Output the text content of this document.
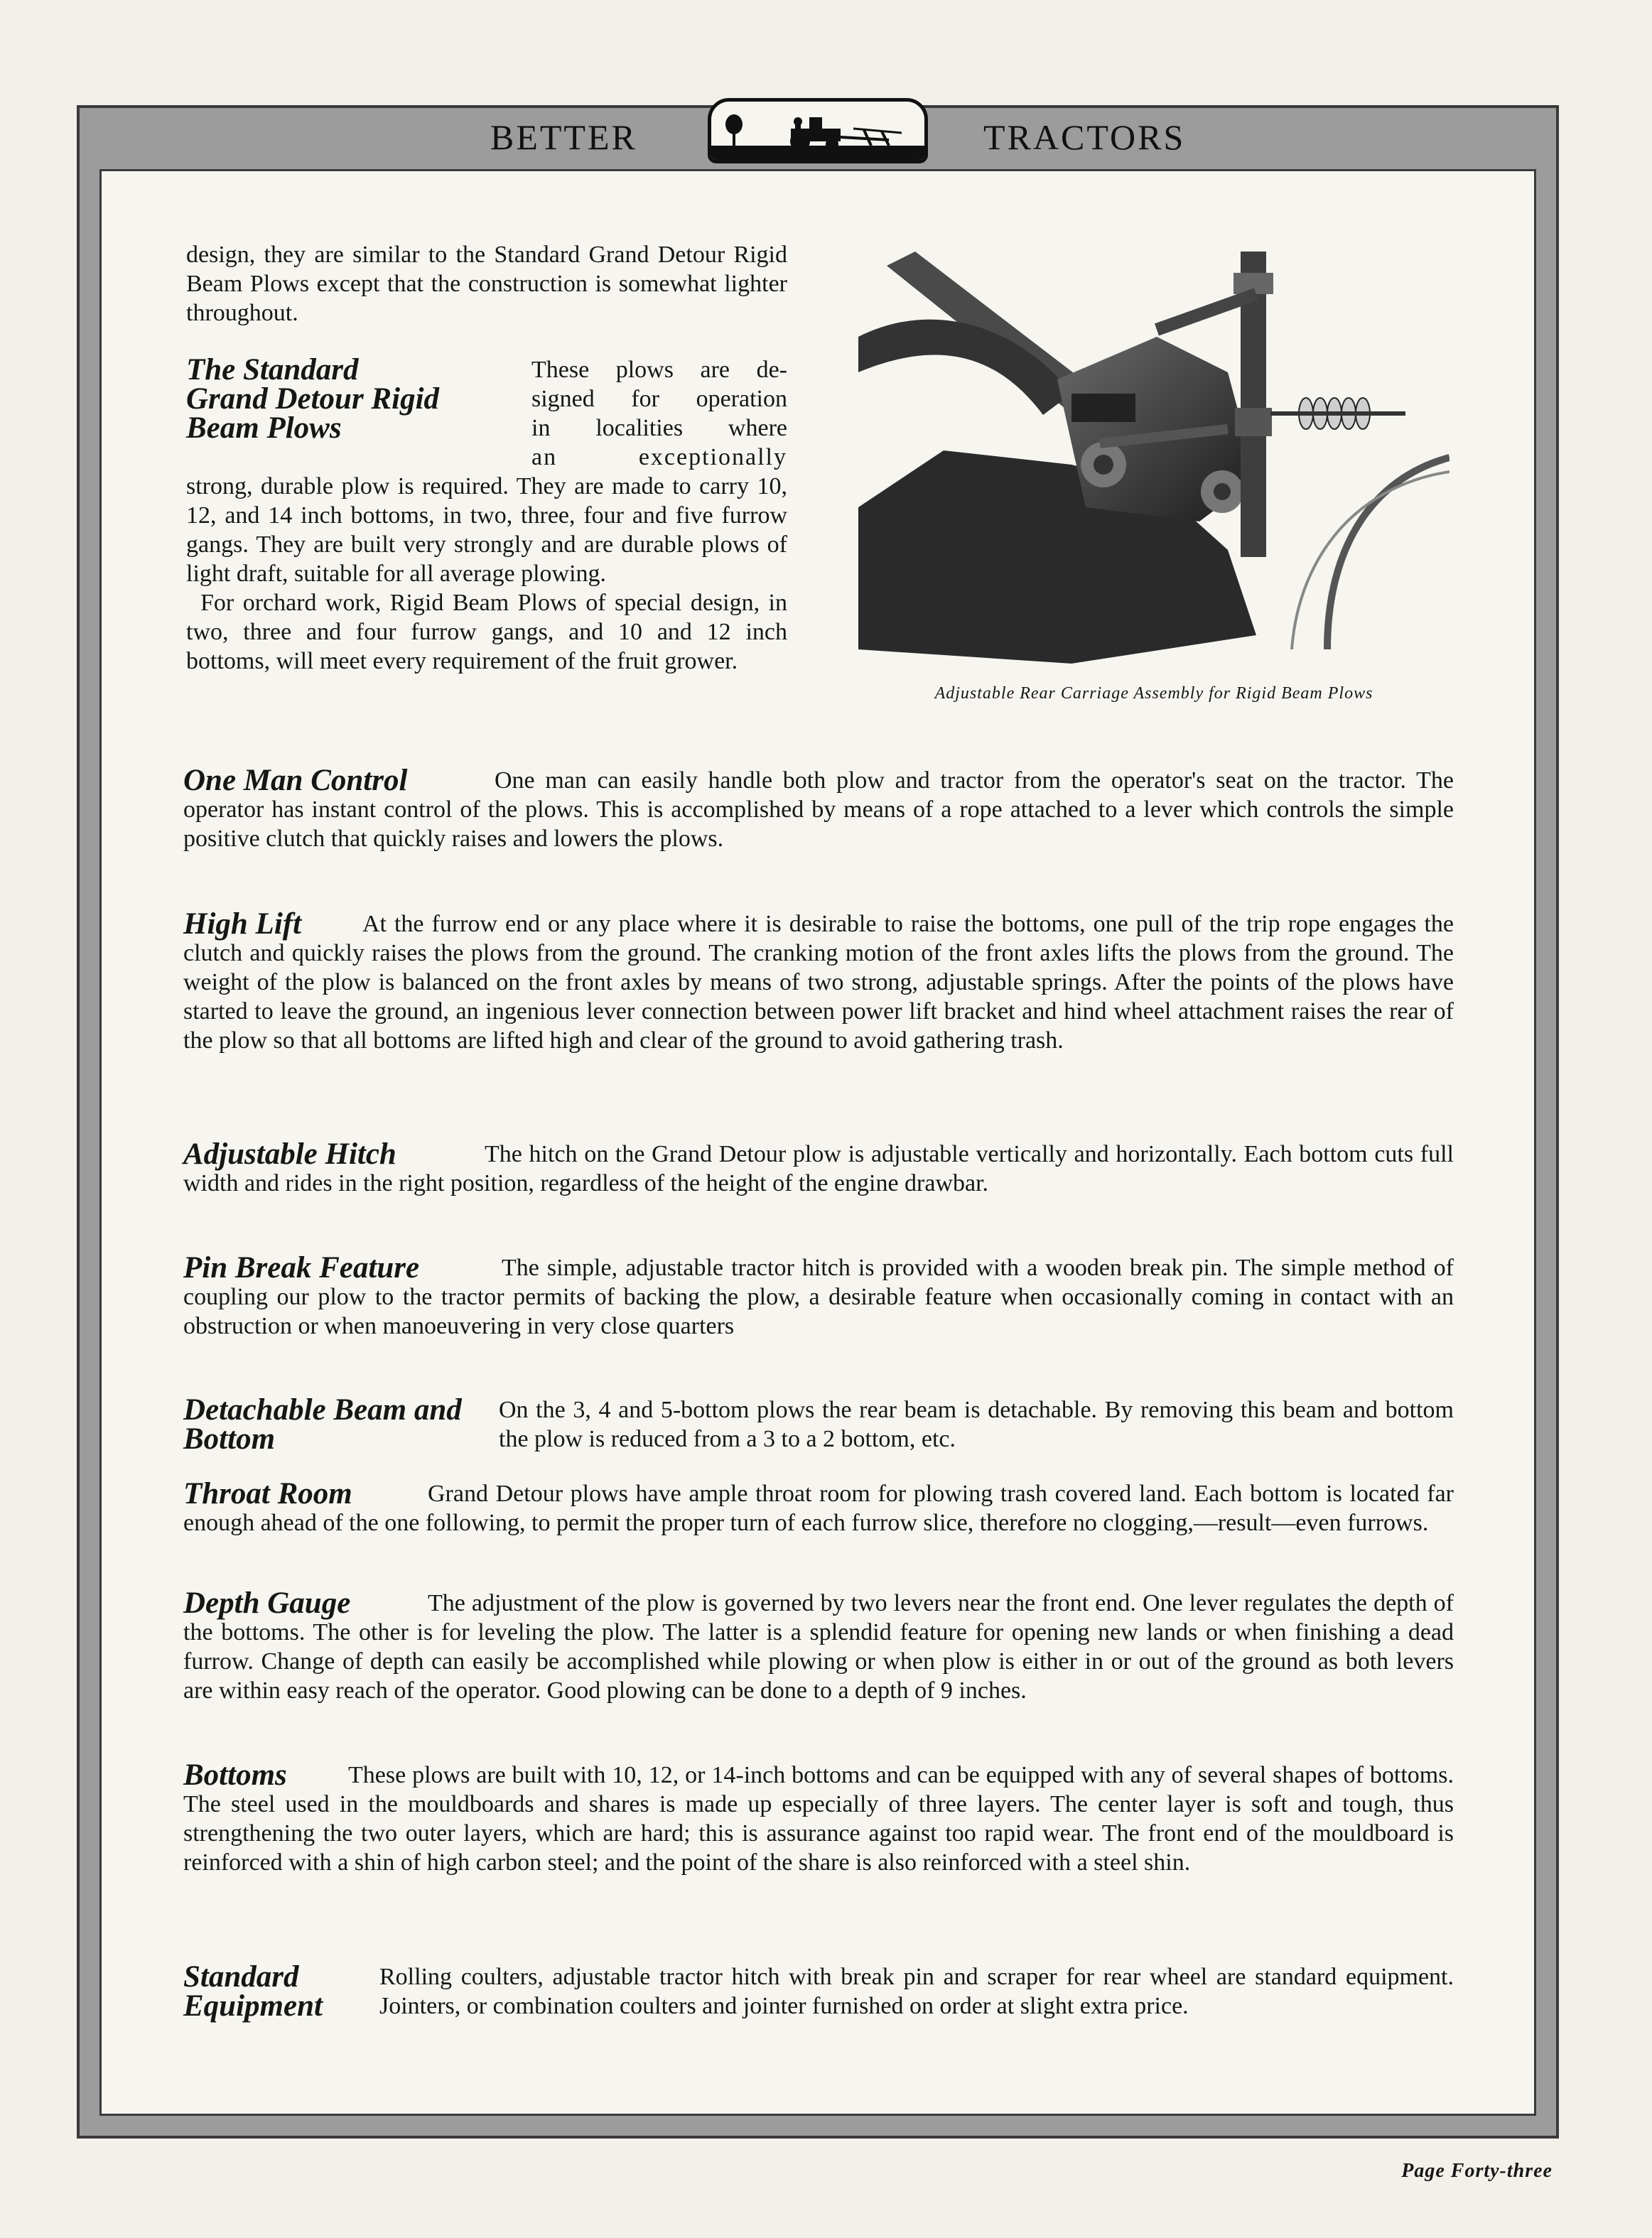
BETTER	TRACTORS
design, they are similar to the Standard Grand Detour Rigid Beam Plows except that the construction is somewhat lighter throughout.
The Standard
Grand Detour Rigid
Beam Plows
These plows are de-
signed for operation
in localities where
an exceptionally

strong, durable plow is required. They are made to carry 10, 12, and 14 inch bottoms, in two, three, four and five furrow gangs. They are built very strongly and are durable plows of light draft, suitable for all average plowing.

For orchard work, Rigid Beam Plows of special design, in two, three and four furrow gangs, and 10 and 12 inch bottoms, will meet every requirement of the fruit grower.

Adjustable Rear Carriage Assembly for Rigid Beam Plows
One Man Control	One man can easily handle both plow and tractor from the operator's seat on the tractor. The operator has instant control of the plows. This is accomplished by means of a rope attached to a lever which controls the simple positive clutch that quickly raises and lowers the plows.

High Lift	At the furrow end or any place where it is desirable to raise the bottoms, one pull of the trip rope engages the clutch and quickly raises the plows from the ground. The cranking motion of the front axles lifts the plows from the ground. The weight of the plow is balanced on the front axles by means of two strong, adjustable springs. After the points of the plows have started to leave the ground, an ingenious lever connection between power lift bracket and hind wheel attachment raises the rear of the plow so that all bottoms are lifted high and clear of the ground to avoid gathering trash.

Adjustable Hitch	The hitch on the Grand Detour plow is adjustable vertically and horizontally. Each bottom cuts full width and rides in the right position, regardless of the height of the engine drawbar.

Pin Break Feature	The simple, adjustable tractor hitch is provided with a wooden break pin. The simple method of coupling our plow to the tractor permits of backing the plow, a desirable feature when occasionally coming in contact with an obstruction or when manoeuvering in very close quarters

Detachable Beam and Bottom

On the 3, 4 and 5-bottom plows the rear beam is detachable. By removing this beam and bottom the plow is reduced from a 3 to a 2 bottom, etc.

Throat Room	Grand Detour plows have ample throat room for plowing trash covered land. Each bottom is located far enough ahead of the one following, to permit the proper turn of each furrow slice, therefore no clogging,—result—even furrows.

Depth Gauge	The adjustment of the plow is governed by two levers near the front end. One lever regulates the depth of the bottoms. The other is for leveling the plow. The latter is a splendid feature for opening new lands or when finishing a dead furrow. Change of depth can easily be accomplished while plowing or when plow is either in or out of the ground as both levers are within easy reach of the operator. Good plowing can be done to a depth of 9 inches.

Bottoms	These plows are built with 10, 12, or 14-inch bottoms and can be equipped with any of several shapes of bottoms. The steel used in the mouldboards and shares is made up especially of three layers. The center layer is soft and tough, thus strengthening the two outer layers, which are hard; this is assurance against too rapid wear. The front end of the mouldboard is reinforced with a shin of high carbon steel; and the point of the share is also reinforced with a steel shin.

Standard Equipment

Rolling coulters, adjustable tractor hitch with break pin and scraper for rear wheel are standard equipment. Jointers, or combination coulters and jointer furnished on order at slight extra price.

Page Forty-three
